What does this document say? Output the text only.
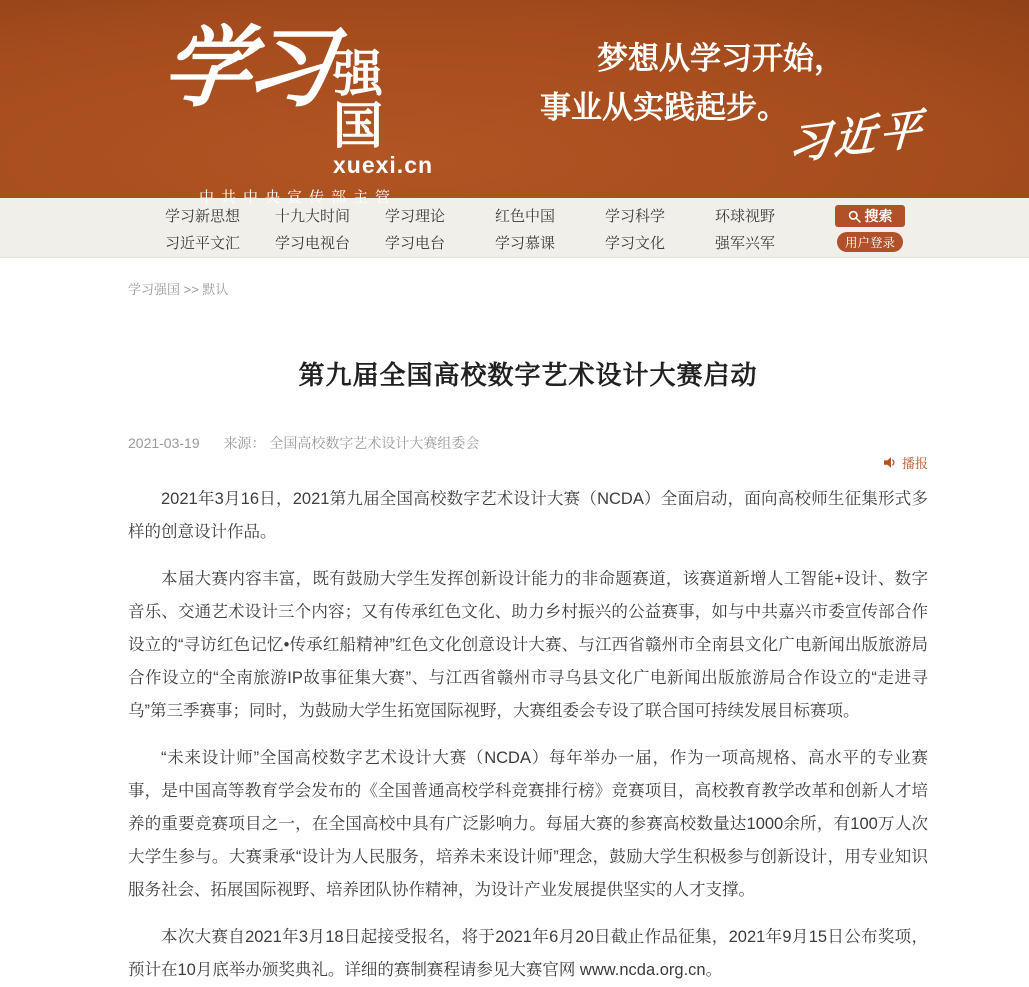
学习 强国
xuexi.cn
中共中央宣传部主管
梦想从学习开始，
事业从实践起步。 习近平
学习新思想	十九大时间	学习理论	红色中国	学习科学	环球视野
习近平文汇	学习电视台	学习电台	学习慕课	学习文化	强军兴军
搜索
用户登录
学习强国 >> 默认
第九届全国高校数字艺术设计大赛启动
2021-03-19 来源： 全国高校数字艺术设计大赛组委会
播报

2021年3月16日，2021第九届全国高校数字艺术设计大赛（NCDA）全面启动，面向高校师生征集形式多样的创意设计作品。

本届大赛内容丰富，既有鼓励大学生发挥创新设计能力的非命题赛道，该赛道新增人工智能+设计、数字音乐、交通艺术设计三个内容；又有传承红色文化、助力乡村振兴的公益赛事，如与中共嘉兴市委宣传部合作设立的“寻访红色记忆•传承红船精神”红色文化创意设计大赛、与江西省赣州市全南县文化广电新闻出版旅游局合作设立的“全南旅游IP故事征集大赛”、与江西省赣州市寻乌县文化广电新闻出版旅游局合作设立的“走进寻乌”第三季赛事；同时，为鼓励大学生拓宽国际视野，大赛组委会专设了联合国可持续发展目标赛项。

“未来设计师”全国高校数字艺术设计大赛（NCDA）每年举办一届，作为一项高规格、高水平的专业赛事，是中国高等教育学会发布的《全国普通高校学科竞赛排行榜》竞赛项目，高校教育教学改革和创新人才培养的重要竞赛项目之一，在全国高校中具有广泛影响力。每届大赛的参赛高校数量达1000余所，有100万人次大学生参与。大赛秉承“设计为人民服务，培养未来设计师”理念，鼓励大学生积极参与创新设计，用专业知识服务社会、拓展国际视野、培养团队协作精神，为设计产业发展提供坚实的人才支撑。

本次大赛自2021年3月18日起接受报名，将于2021年6月20日截止作品征集，2021年9月15日公布奖项，预计在10月底举办颁奖典礼。详细的赛制赛程请参见大赛官网 www.ncda.org.cn。
